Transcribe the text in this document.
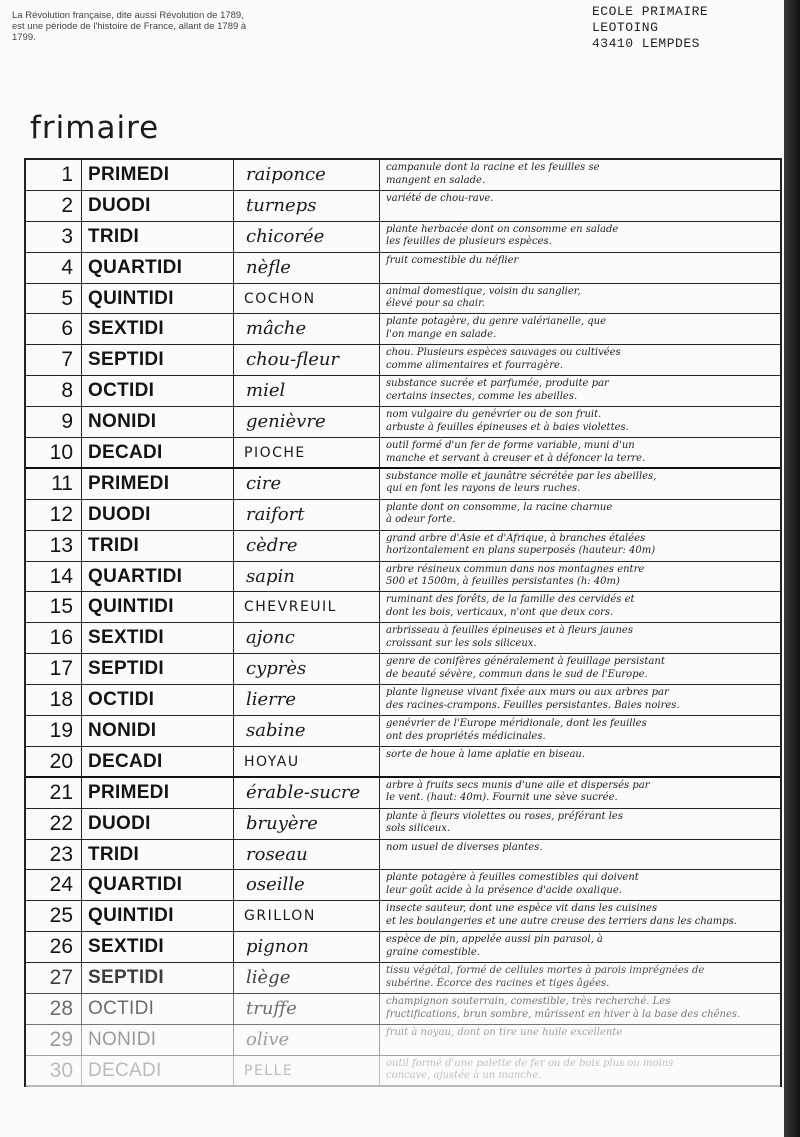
La Révolution française, dite aussi Révolution de 1789, est une période de l'histoire de France, allant de 1789 à 1799.
ECOLE PRIMAIRE
LEOTOING
43410 LEMPDES
frimaire
1 PRIMEDI	raiponce	campanule dont la racine et les feuilles se
mangent en salade.
2 DUODI	turneps	variété de chou-rave.
3 TRIDI	chicorée	plante herbacée dont on consomme en salade
les feuilles de plusieurs espèces.
4 QUARTIDI	nèfle	fruit comestible du néflier
5 QUINTIDI	COCHON	animal domestique, voisin du sanglier,
élevé pour sa chair.
6 SEXTIDI	mâche	plante potagère, du genre valérianelle, que
l'on mange en salade.
7 SEPTIDI	chou-fleur	chou. Plusieurs espèces sauvages ou cultivées
comme alimentaires et fourragère.
8 OCTIDI	miel	substance sucrée et parfumée, produite par
certains insectes, comme les abeilles.
9 NONIDI	genièvre	nom vulgaire du genévrier ou de son fruit.
arbuste à feuilles épineuses et à baies violettes.
10 DECADI	PIOCHE	outil formé d'un fer de forme variable, muni d'un
manche et servant à creuser et à défoncer la terre.
11 PRIMEDI	cire	substance molle et jaunâtre sécrétée par les abeilles,
qui en font les rayons de leurs ruches.
12 DUODI	raifort	plante dont on consomme, la racine charnue
à odeur forte.
13 TRIDI	cèdre	grand arbre d'Asie et d'Afrique, à branches étalées
horizontalement en plans superposés (hauteur: 40m)
14 QUARTIDI	sapin	arbre résineux commun dans nos montagnes entre
500 et 1500m, à feuilles persistantes (h: 40m)
15 QUINTIDI	CHEVREUIL	ruminant des forêts, de la famille des cervidés et
dont les bois, verticaux, n'ont que deux cors.
16 SEXTIDI	ajonc	arbrisseau à feuilles épineuses et à fleurs jaunes
croissant sur les sols siliceux.
17 SEPTIDI	cyprès	genre de conifères généralement à feuillage persistant
de beauté sévère, commun dans le sud de l'Europe.
18 OCTIDI	lierre	plante ligneuse vivant fixée aux murs ou aux arbres par
des racines-crampons. Feuilles persistantes. Baies noires.
19 NONIDI	sabine	genévrier de l'Europe méridionale, dont les feuilles
ont des propriétés médicinales.
20 DECADI	HOYAU	sorte de houe à lame aplatie en biseau.
21 PRIMEDI	érable-sucre	arbre à fruits secs munis d'une aile et dispersés par
le vent. (haut: 40m). Fournit une sève sucrée.
22 DUODI	bruyère	plante à fleurs violettes ou roses, préférant les
sols siliceux.
23 TRIDI	roseau	nom usuel de diverses plantes.
24 QUARTIDI	oseille	plante potagère à feuilles comestibles qui doivent
leur goût acide à la présence d'acide oxalique.
25 QUINTIDI	GRILLON	insecte sauteur, dont une espèce vit dans les cuisines
et les boulangeries et une autre creuse des terriers dans les champs.
26 SEXTIDI	pignon	espèce de pin, appelée aussi pin parasol, à
graine comestible.
27 SEPTIDI	liège	tissu végétal, formé de cellules mortes à parois imprégnées de
subérine. Écorce des racines et tiges âgées.
28 OCTIDI	truffe	champignon souterrain, comestible, très recherché. Les
fructifications, brun sombre, mûrissent en hiver à la base des chênes.
29 NONIDI	olive	fruit à noyau, dont on tire une huile excellente
30 DECADI	PELLE	outil formé d'une palette de fer ou de bois plus ou moins
concave, ajustée à un manche.
